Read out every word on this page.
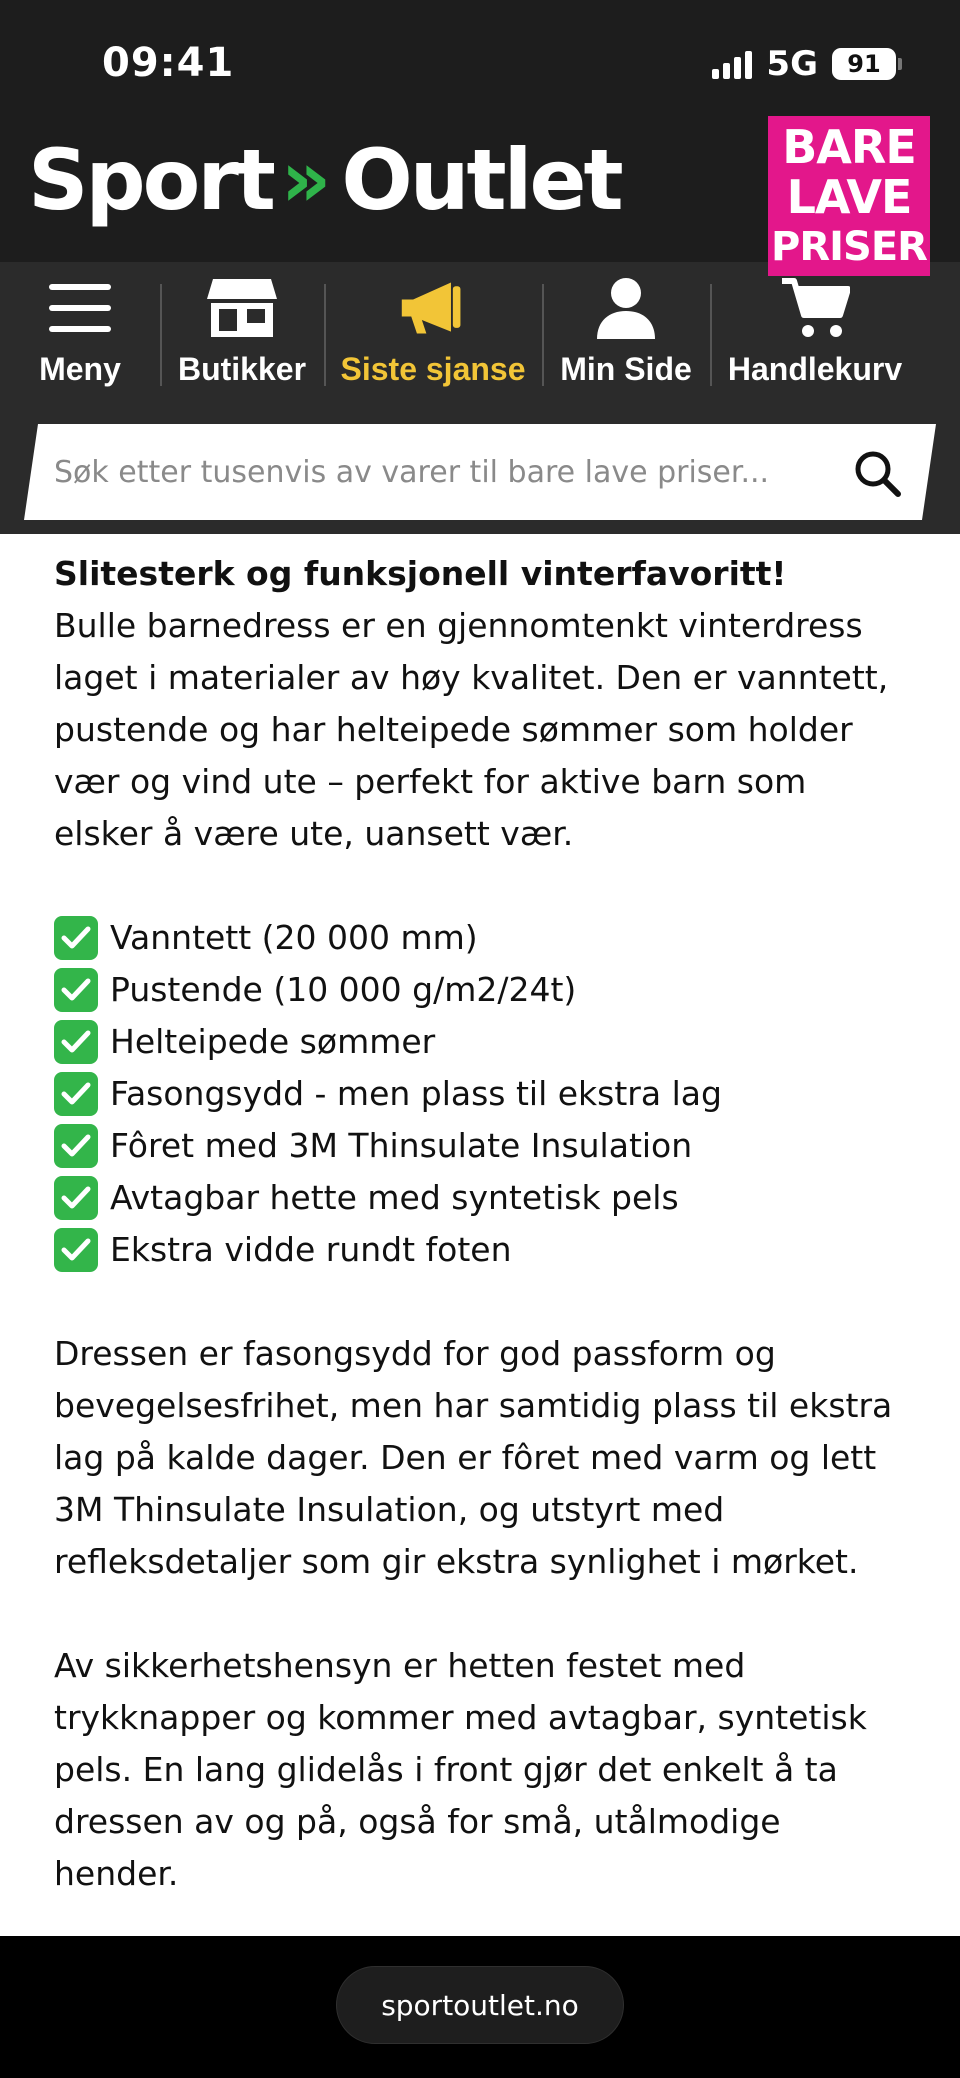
09:41	5G 91
Sport » Outlet	BARE
LAVE
PRISER
Meny Butikker Siste sjanse Min Side Handlekurv
Søk etter tusenvis av varer til bare lave priser...
Slitesterk og funksjonell vinterfavoritt!

Bulle barnedress er en gjennomtenkt vinterdress laget i materialer av høy kvalitet. Den er vanntett, pustende og har helteipede sømmer som holder vær og vind ute – perfekt for aktive barn som elsker å være ute, uansett vær.

Vanntett (20 000 mm)
Pustende (10 000 g/m2/24t)
Helteipede sømmer
Fasongsydd - men plass til ekstra lag
Fôret med 3M Thinsulate Insulation
Avtagbar hette med syntetisk pels
Ekstra vidde rundt foten

Dressen er fasongsydd for god passform og bevegelsesfrihet, men har samtidig plass til ekstra lag på kalde dager. Den er fôret med varm og lett 3M Thinsulate Insulation, og utstyrt med refleksdetaljer som gir ekstra synlighet i mørket.

Av sikkerhetshensyn er hetten festet med trykknapper og kommer med avtagbar, syntetisk pels. En lang glidelås i front gjør det enkelt å ta dressen av og på, også for små, utålmodige hender.

sportoutlet.no
